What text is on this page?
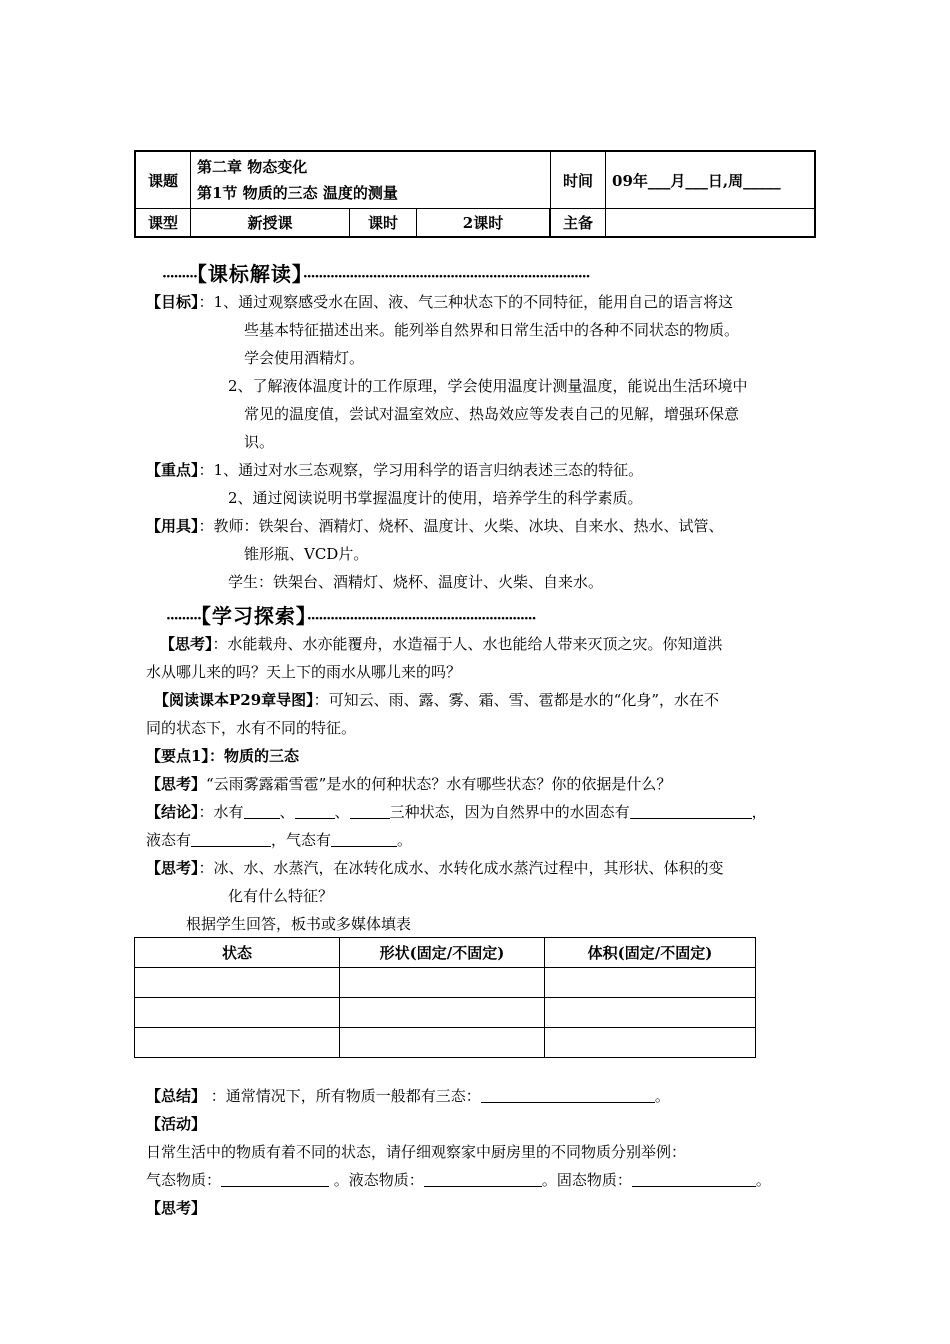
课题	第二章 物态变化
第1节 物质的三态 温度的测量			时间	09年___月___日,周_____
课型	新授课	课时	2课时		主备	
·········【课标解读】··········································································
【目标】：1、通过观察感受水在固、液、气三种状态下的不同特征，能用自己的语言将这
些基本特征描述出来。能列举自然界和日常生活中的各种不同状态的物质。
学会使用酒精灯。
2、了解液体温度计的工作原理，学会使用温度计测量温度，能说出生活环境中
常见的温度值，尝试对温室效应、热岛效应等发表自己的见解，增强环保意
识。
【重点】：1、通过对水三态观察，学习用科学的语言归纳表述三态的特征。
2、通过阅读说明书掌握温度计的使用，培养学生的科学素质。
【用具】：教师：铁架台、酒精灯、烧杯、温度计、火柴、冰块、自来水、热水、试管、
锥形瓶、VCD片。
学生：铁架台、酒精灯、烧杯、温度计、火柴、自来水。
·········【学习探索】···························································
【思考】：水能载舟、水亦能覆舟，水造福于人、水也能给人带来灭顶之灾。你知道洪
水从哪儿来的吗？天上下的雨水从哪儿来的吗？
【阅读课本P29章导图】：可知云、雨、露、雾、霜、雪、雹都是水的“化身”，水在不
同的状态下，水有不同的特征。
【要点1】：物质的三态
【思考】“云雨雾露霜雪雹”是水的何种状态？水有哪些状态？你的依据是什么？
【结论】：水有 、	、	三种状态，因为自然界中的水固态有	，
液态有	，气态有	。
【思考】：冰、水、水蒸汽，在冰转化成水、水转化成水蒸汽过程中，其形状、体积的变
化有什么特征？
根据学生回答，板书或多媒体填表
状态	形状(固定/不固定)	体积(固定/不固定)

【总结】 ：通常情况下，所有物质一般都有三态：	。
【活动】
日常生活中的物质有着不同的状态，请仔细观察家中厨房里的不同物质分别举例：
气态物质：	。液态物质：	。固态物质：	。
【思考】
